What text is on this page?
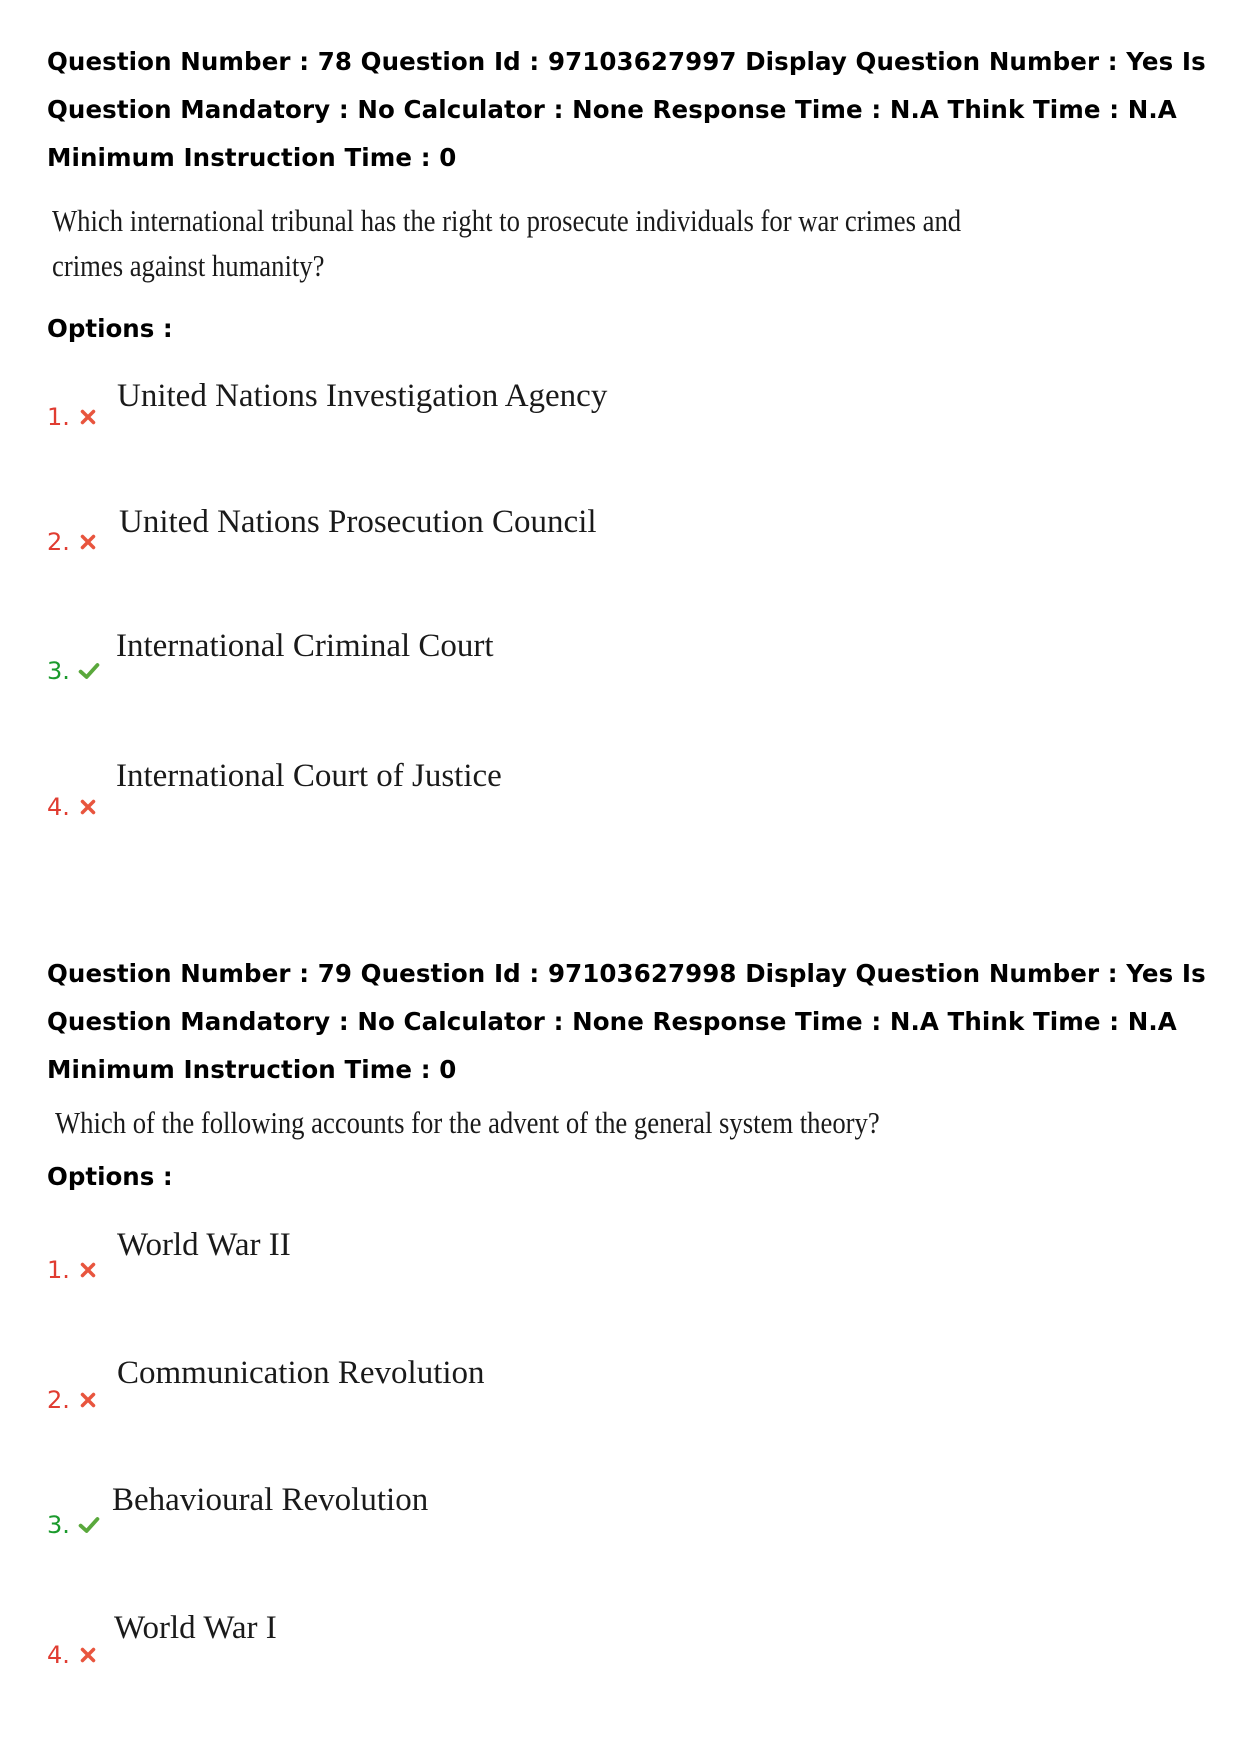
Question Number : 78 Question Id : 97103627997 Display Question Number : Yes Is Question Mandatory : No Calculator : None Response Time : N.A Think Time : N.A Minimum Instruction Time : 0
Which international tribunal has the right to prosecute individuals for war crimes and
crimes against humanity?
Options :
1.
United Nations Investigation Agency
2.
United Nations Prosecution Council
3.
International Criminal Court
4.
International Court of Justice
Question Number : 79 Question Id : 97103627998 Display Question Number : Yes Is Question Mandatory : No Calculator : None Response Time : N.A Think Time : N.A Minimum Instruction Time : 0
Which of the following accounts for the advent of the general system theory?
Options :
1.
World War II
2.
Communication Revolution
3.
Behavioural Revolution
4.
World War I
